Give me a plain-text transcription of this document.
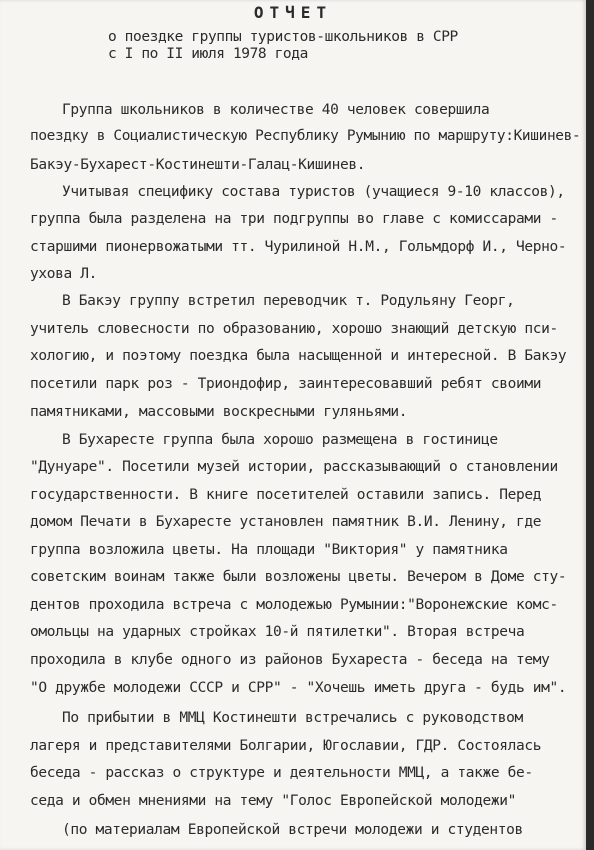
ОТЧЕТ
о поездке группы туристов-школьников в СРР
с I по II июля 1978 года
Группа школьников в количестве 40 человек совершила
поездку в Социалистическую Республику Румынию по маршруту:Кишинев-
Бакэу-Бухарест-Костинешти-Галац-Кишинев.
Учитывая специфику состава туристов (учащиеся 9-10 классов),
группа была разделена на три подгруппы во главе с комиссарами -
старшими пионервожатыми тт. Чурилиной Н.М., Гольмдорф И., Черно-
ухова Л.
В Бакэу группу встретил переводчик т. Родульяну Георг,
учитель словесности по образованию, хорошо знающий детскую пси-
хологию, и поэтому поездка была насыщенной и интересной. В Бакэу
посетили парк роз - Триондофир, заинтересовавший ребят своими
памятниками, массовыми воскресными гуляньями.
В Бухаресте группа была хорошо размещена в гостинице
"Дунуаре". Посетили музей истории, рассказывающий о становлении
государственности. В книге посетителей оставили запись. Перед
домом Печати в Бухаресте установлен памятник В.И. Ленину, где
группа возложила цветы. На площади "Виктория" у памятника
советским воинам также были возложены цветы. Вечером в Доме сту-
дентов проходила встреча с молодежью Румынии:"Воронежские комс-
омольцы на ударных стройках 10-й пятилетки". Вторая встреча
проходила в клубе одного из районов Бухареста - беседа на тему
"О дружбе молодежи СССР и СРР" - "Хочешь иметь друга - будь им".
По прибытии в ММЦ Костинешти встречались с руководством
лагеря и представителями Болгарии, Югославии, ГДР. Состоялась
беседа - рассказ о структуре и деятельности ММЦ, а также бе-
седа и обмен мнениями на тему "Голос Европейской молодежи"
(по материалам Европейской встречи молодежи и студентов
